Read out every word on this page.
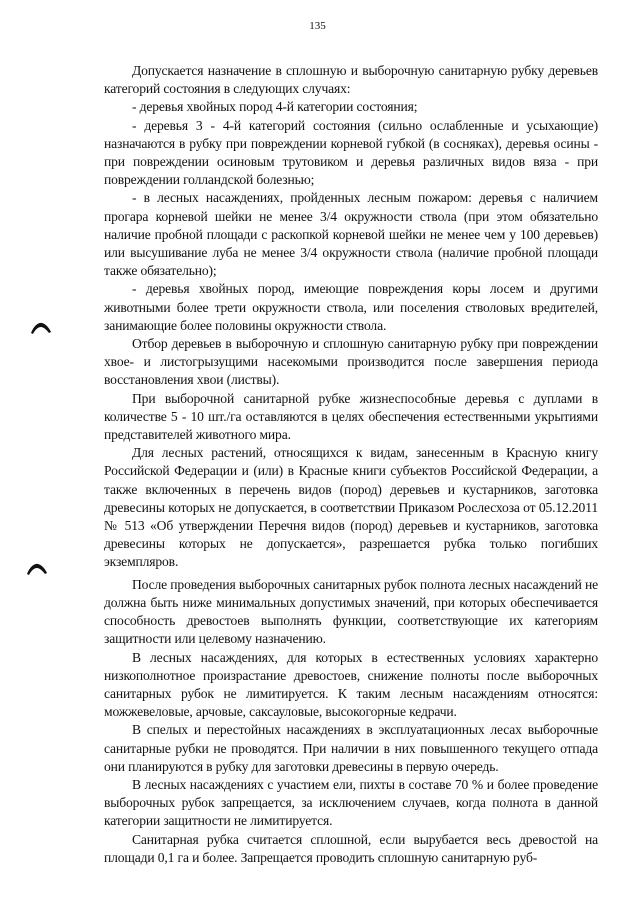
135

Допускается назначение в сплошную и выборочную санитарную рубку деревьев категорий состояния в следующих случаях:

- деревья хвойных пород 4-й категории состояния;

- деревья 3 - 4-й категорий состояния (сильно ослабленные и усыхающие) назначаются в рубку при повреждении корневой губкой (в сосняках), деревья осины - при повреждении осиновым трутовиком и деревья различных видов вяза - при повреждении голландской болезнью;

- в лесных насаждениях, пройденных лесным пожаром: деревья с наличием прогара корневой шейки не менее 3/4 окружности ствола (при этом обязательно наличие пробной площади с раскопкой корневой шейки не менее чем у 100 деревьев) или высушивание луба не менее 3/4 окружности ствола (наличие пробной площади также обязательно);

- деревья хвойных пород, имеющие повреждения коры лосем и другими животными более трети окружности ствола, или поселения стволовых вредителей, занимающие более половины окружности ствола.

Отбор деревьев в выборочную и сплошную санитарную рубку при повреждении хвое- и листогрызущими насекомыми производится после завершения периода восстановления хвои (листвы).

При выборочной санитарной рубке жизнеспособные деревья с дуплами в количестве 5 - 10 шт./га оставляются в целях обеспечения естественными укрытиями представителей животного мира.

Для лесных растений, относящихся к видам, занесенным в Красную книгу Российской Федерации и (или) в Красные книги субъектов Российской Федерации, а также включенных в перечень видов (пород) деревьев и кустарников, заготовка древесины которых не допускается, в соответствии Приказом Рослесхоза от 05.12.2011 № 513 «Об утверждении Перечня видов (пород) деревьев и кустарников, заготовка древесины которых не допускается», разрешается рубка только погибших экземпляров.

После проведения выборочных санитарных рубок полнота лесных насаждений не должна быть ниже минимальных допустимых значений, при которых обеспечивается способность древостоев выполнять функции, соответствующие их категориям защитности или целевому назначению.

В лесных насаждениях, для которых в естественных условиях характерно низкополнотное произрастание древостоев, снижение полноты после выборочных санитарных рубок не лимитируется. К таким лесным насаждениям относятся: можжевеловые, арчовые, саксауловые, высокогорные кедрачи.

В спелых и перестойных насаждениях в эксплуатационных лесах выборочные санитарные рубки не проводятся. При наличии в них повышенного текущего отпада они планируются в рубку для заготовки древесины в первую очередь.

В лесных насаждениях с участием ели, пихты в составе 70 % и более проведение выборочных рубок запрещается, за исключением случаев, когда полнота в данной категории защитности не лимитируется.

Санитарная рубка считается сплошной, если вырубается весь древостой на площади 0,1 га и более. Запрещается проводить сплошную санитарную руб-
